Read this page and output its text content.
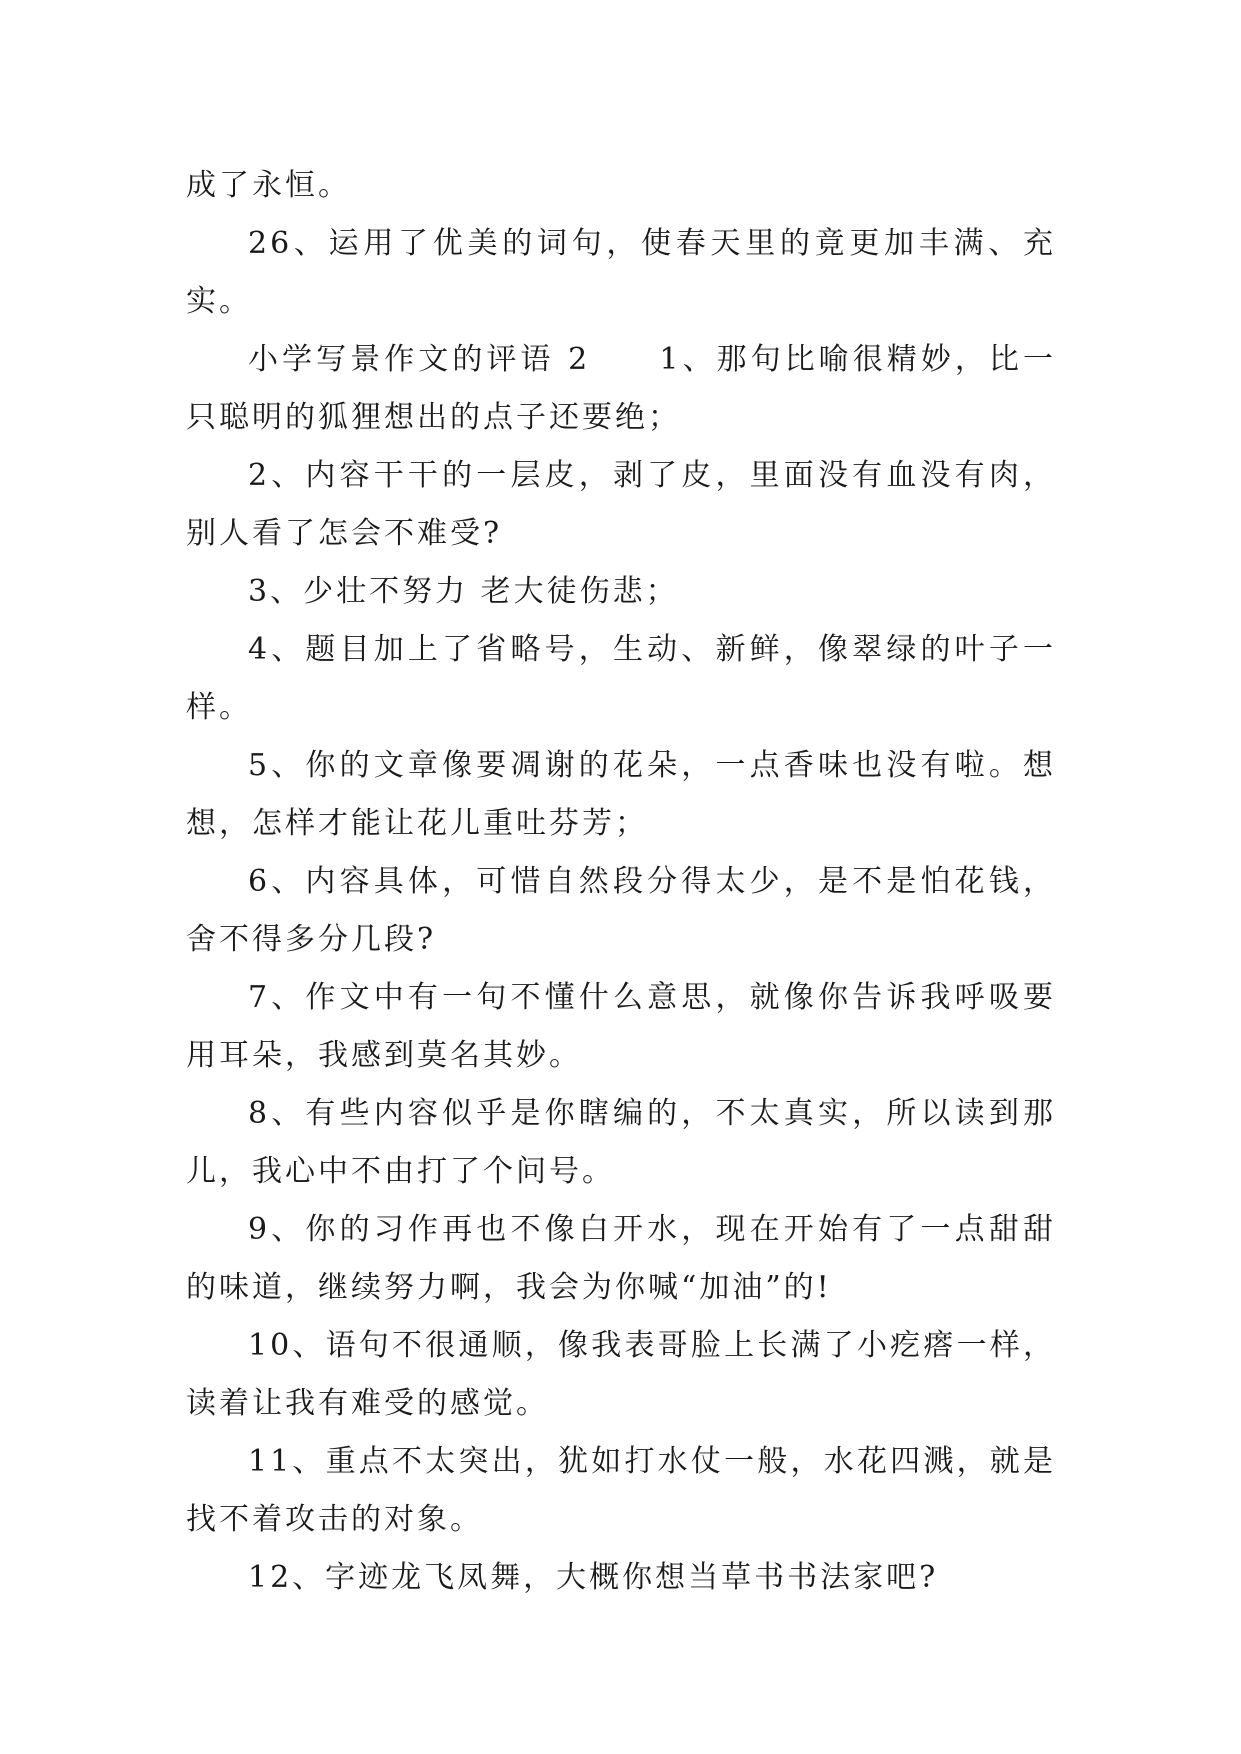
成了永恒。

26、运用了优美的词句，使春天里的竟更加丰满、充实。

小学写景作文的评语 2　　1、那句比喻很精妙，比一只聪明的狐狸想出的点子还要绝；

2、内容干干的一层皮，剥了皮，里面没有血没有肉，别人看了怎会不难受?

3、少壮不努力 老大徒伤悲；

4、题目加上了省略号，生动、新鲜，像翠绿的叶子一样。

5、你的文章像要凋谢的花朵，一点香味也没有啦。想想，怎样才能让花儿重吐芬芳；

6、内容具体，可惜自然段分得太少，是不是怕花钱，舍不得多分几段?

7、作文中有一句不懂什么意思，就像你告诉我呼吸要用耳朵，我感到莫名其妙。

8、有些内容似乎是你瞎编的，不太真实，所以读到那儿，我心中不由打了个问号。

9、你的习作再也不像白开水，现在开始有了一点甜甜的味道，继续努力啊，我会为你喊“加油”的!

10、语句不很通顺，像我表哥脸上长满了小疙瘩一样，读着让我有难受的感觉。

11、重点不太突出，犹如打水仗一般，水花四溅，就是找不着攻击的对象。

12、字迹龙飞凤舞，大概你想当草书书法家吧?
